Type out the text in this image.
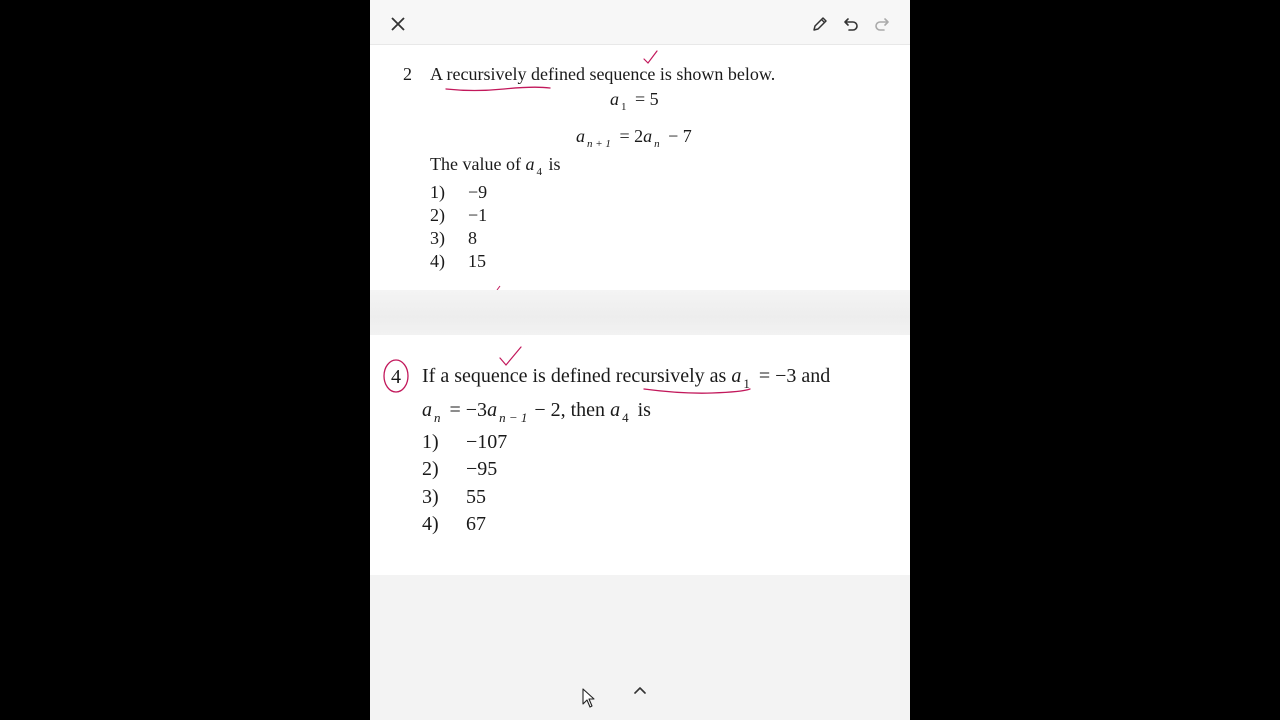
2 A recursively defined sequence is shown below.
a $_1$ = 5
a $_{n + 1}$ = 2a $_n$ − 7
The value of a $_4$ is
1) −9
2) −1
3) 8
4) 15
4 If a sequence is defined recursively as a $_1$ = −3 and
a $_n$ = −3a $_{n - 1}$ − 2, then a $_4$ is
1) −107
2) −95
3) 55
4) 67
